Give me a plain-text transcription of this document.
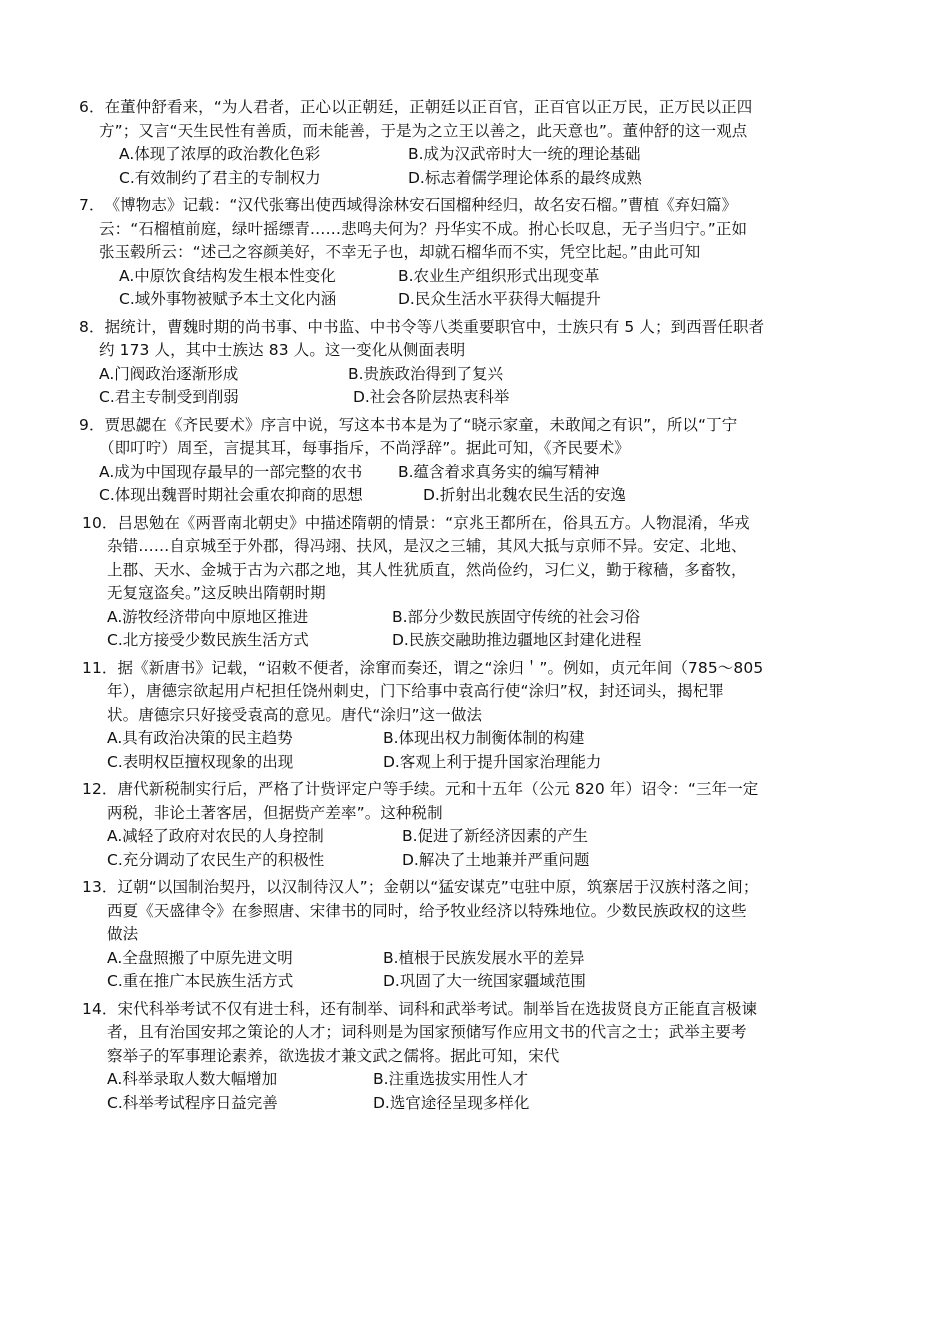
6．在董仲舒看来，“为人君者，正心以正朝廷，正朝廷以正百官，正百官以正万民，正万民以正四
方”；又言“天生民性有善质，而未能善，于是为之立王以善之，此天意也”。董仲舒的这一观点
A.体现了浓厚的政治教化色彩	B.成为汉武帝时大一统的理论基础
C.有效制约了君主的专制权力	D.标志着儒学理论体系的最终成熟
7．《博物志》记载：“汉代张骞出使西域得涂林安石国榴种经归，故名安石榴。”曹植《弃妇篇》
云：“石榴植前庭，绿叶摇缥青……悲鸣夫何为？丹华实不成。拊心长叹息，无子当归宁。”正如
张玉毂所云：“述己之容颜美好，不幸无子也，却就石榴华而不实，凭空比起。”由此可知
A.中原饮食结构发生根本性变化	B.农业生产组织形式出现变革
C.域外事物被赋予本土文化内涵	D.民众生活水平获得大幅提升
8．据统计，曹魏时期的尚书事、中书监、中书令等八类重要职官中，士族只有 5 人；到西晋任职者
约 173 人，其中士族达 83 人。这一变化从侧面表明
A.门阀政治逐渐形成	B.贵族政治得到了复兴
C.君主专制受到削弱	D.社会各阶层热衷科举
9．贾思勰在《齐民要术》序言中说，写这本书本是为了“晓示家童，未敢闻之有识”，所以“丁宁
（即叮咛）周至，言提其耳，每事指斥，不尚浮辞”。据此可知，《齐民要术》
A.成为中国现存最早的一部完整的农书 B.蕴含着求真务实的编写精神
C.体现出魏晋时期社会重农抑商的思想	D.折射出北魏农民生活的安逸
10．吕思勉在《两晋南北朝史》中描述隋朝的情景：“京兆王都所在，俗具五方。人物混淆，华戎
杂错……自京城至于外郡，得冯翊、扶风，是汉之三辅，其风大抵与京师不异。安定、北地、
上郡、天水、金城于古为六郡之地，其人性犹质直，然尚俭约，习仁义，勤于稼穑，多畜牧，
无复寇盗矣。”这反映出隋朝时期
A.游牧经济带向中原地区推进	B.部分少数民族固守传统的社会习俗
C.北方接受少数民族生活方式	D.民族交融助推边疆地区封建化进程
11．据《新唐书》记载，“诏敕不便者，涂窜而奏还，谓之“涂归＇”。例如，贞元年间（785～805
年），唐德宗欲起用卢杞担任饶州刺史，门下给事中袁高行使“涂归”权，封还词头，揭杞罪
状。唐德宗只好接受袁高的意见。唐代“涂归”这一做法
A.具有政治决策的民主趋势	B.体现出权力制衡体制的构建
C.表明权臣擅权现象的出现	D.客观上利于提升国家治理能力
12．唐代新税制实行后，严格了计赀评定户等手续。元和十五年（公元 820 年）诏令：“三年一定
两税，非论土著客居，但据赀产差率”。这种税制
A.减轻了政府对农民的人身控制	B.促进了新经济因素的产生
C.充分调动了农民生产的积极性	D.解决了土地兼并严重问题
13．辽朝“以国制治契丹，以汉制待汉人”；金朝以“猛安谋克”屯驻中原，筑寨居于汉族村落之间；
西夏《天盛律令》在参照唐、宋律书的同时，给予牧业经济以特殊地位。少数民族政权的这些
做法
A.全盘照搬了中原先进文明	B.植根于民族发展水平的差异
C.重在推广本民族生活方式	D.巩固了大一统国家疆域范围
14．宋代科举考试不仅有进士科，还有制举、词科和武举考试。制举旨在选拔贤良方正能直言极谏
者，且有治国安邦之策论的人才；词科则是为国家预储写作应用文书的代言之士；武举主要考
察举子的军事理论素养，欲选拔才兼文武之儒将。据此可知，宋代
A.科举录取人数大幅增加	B.注重选拔实用性人才
C.科举考试程序日益完善	D.选官途径呈现多样化
